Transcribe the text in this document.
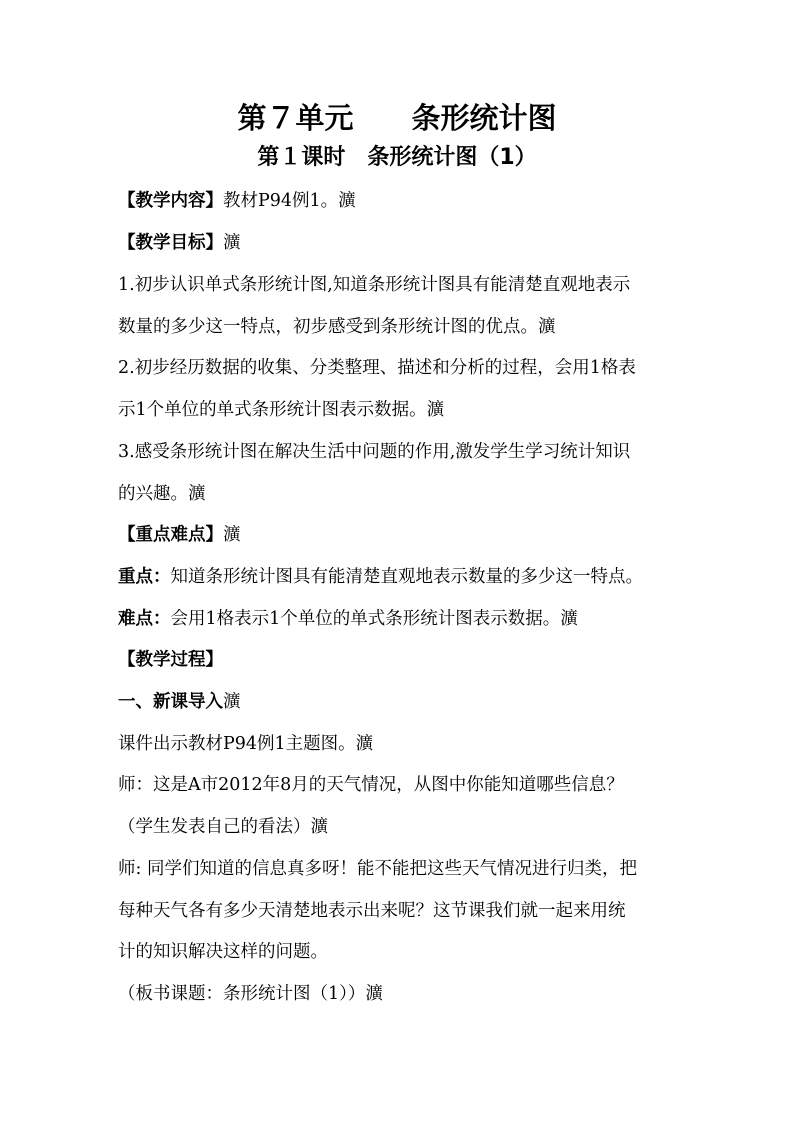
第７单元　　条形统计图
第１课时　条形统计图（1）
【教学内容】教材P94例1。瀇
【教学目标】瀇
1.初步认识单式条形统计图,知道条形统计图具有能清楚直观地表示
数量的多少这一特点，初步感受到条形统计图的优点。瀇
2.初步经历数据的收集、分类整理、描述和分析的过程，会用1格表
示1个单位的单式条形统计图表示数据。瀇
3.感受条形统计图在解决生活中问题的作用,激发学生学习统计知识
的兴趣。瀇
【重点难点】瀇
重点：知道条形统计图具有能清楚直观地表示数量的多少这一特点。
难点：会用1格表示1个单位的单式条形统计图表示数据。瀇
【教学过程】
一、新课导入瀇
课件出示教材P94例1主题图。瀇
师：这是A市2012年8月的天气情况，从图中你能知道哪些信息？
（学生发表自己的看法）瀇
师: 同学们知道的信息真多呀！能不能把这些天气情况进行归类，把
每种天气各有多少天清楚地表示出来呢？这节课我们就一起来用统
计的知识解决这样的问题。
（板书课题：条形统计图（1））瀇
